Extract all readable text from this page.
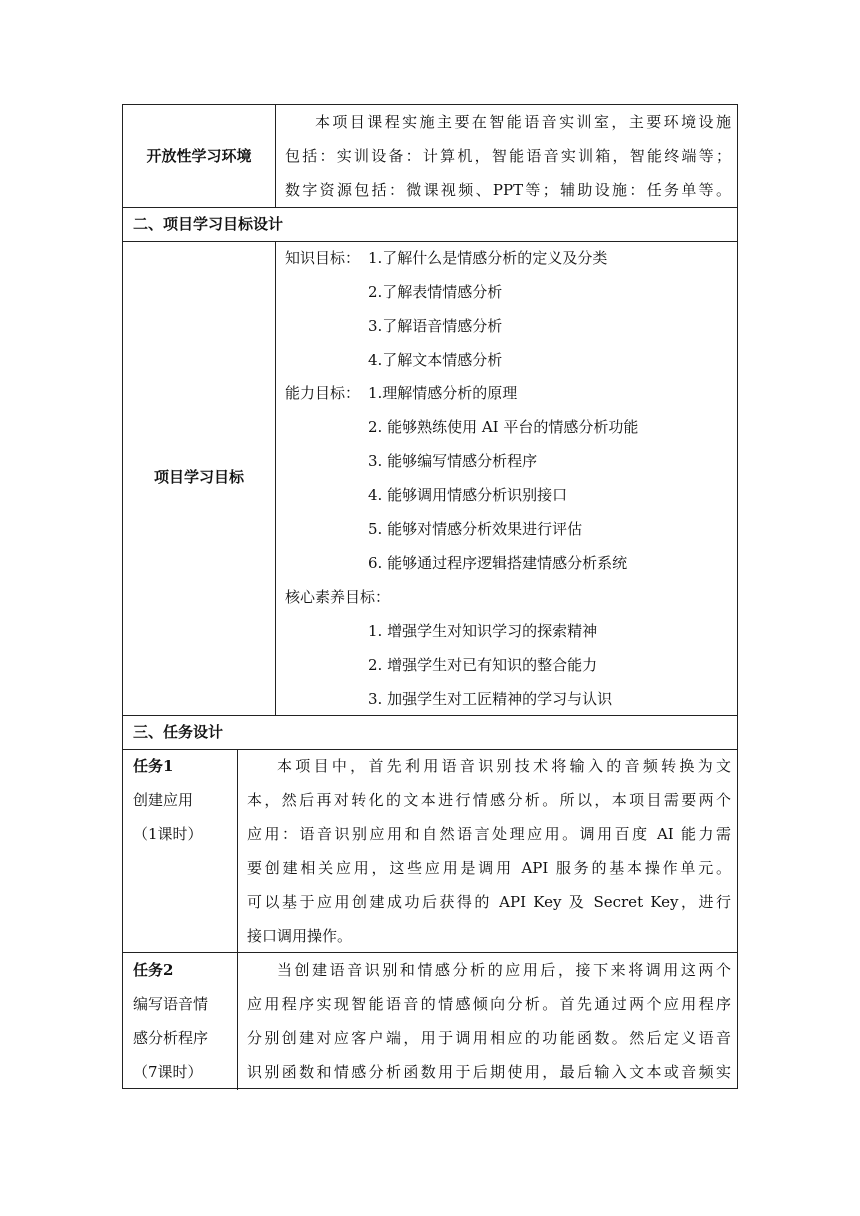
开放性学习环境
本项目课程实施主要在智能语音实训室，主要环境设施
包括：实训设备：计算机，智能语音实训箱，智能终端等；
数字资源包括：微课视频、PPT等；辅助设施：任务单等。
二、项目学习目标设计
项目学习目标
知识目标： 1.了解什么是情感分析的定义及分类
2.了解表情情感分析
3.了解语音情感分析
4.了解文本情感分析
能力目标： 1.理解情感分析的原理
2. 能够熟练使用 AI 平台的情感分析功能
3. 能够编写情感分析程序
4. 能够调用情感分析识别接口
5. 能够对情感分析效果进行评估
6. 能够通过程序逻辑搭建情感分析系统
核心素养目标：
1. 增强学生对知识学习的探索精神
2. 增强学生对已有知识的整合能力
3. 加强学生对工匠精神的学习与认识
三、任务设计
任务1
创建应用
（1课时）
本项目中，首先利用语音识别技术将输入的音频转换为文
本，然后再对转化的文本进行情感分析。所以，本项目需要两个
应用：语音识别应用和自然语言处理应用。调用百度 AI 能力需
要创建相关应用，这些应用是调用 API 服务的基本操作单元。
可以基于应用创建成功后获得的 API Key 及 Secret Key，进行
接口调用操作。
任务2
编写语音情
感分析程序
（7课时）
当创建语音识别和情感分析的应用后，接下来将调用这两个
应用程序实现智能语音的情感倾向分析。首先通过两个应用程序
分别创建对应客户端，用于调用相应的功能函数。然后定义语音
识别函数和情感分析函数用于后期使用，最后输入文本或音频实
